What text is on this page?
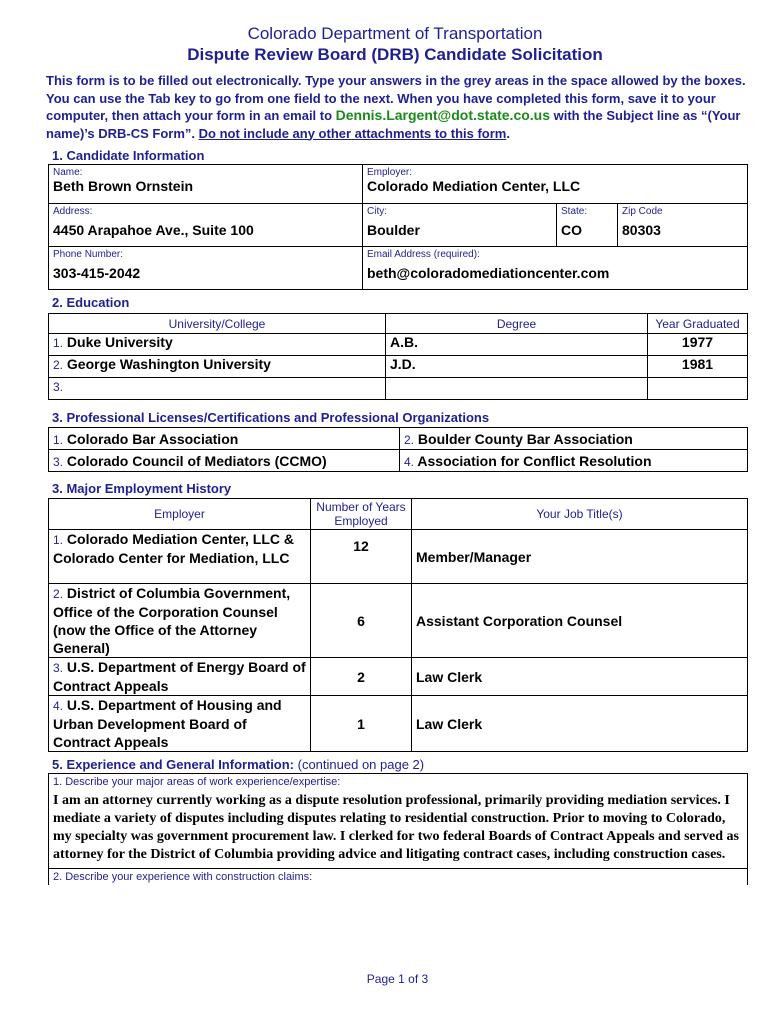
Colorado Department of Transportation
Dispute Review Board (DRB) Candidate Solicitation
This form is to be filled out electronically. Type your answers in the grey areas in the space allowed by the boxes. You can use the Tab key to go from one field to the next. When you have completed this form, save it to your computer, then attach your form in an email to Dennis.Largent@dot.state.co.us with the Subject line as “(Your name)’s DRB-CS Form”. Do not include any other attachments to this form.
1. Candidate Information
Name:
Beth Brown Ornstein	Employer:
Colorado Mediation Center, LLC		

Address:
4450 Arapahoe Ave., Suite 100	City:
Boulder	State:
CO	Zip Code
80303

Phone Number:
303-415-2042	Email Address (required):
beth@coloradomediationcenter.com		
2. Education
University/College	Degree	Year Graduated
1. Duke University	A.B.	1977
2. George Washington University	J.D.	1981
3.		
3. Professional Licenses/Certifications and Professional Organizations
1. Colorado Bar Association	2. Boulder County Bar Association
3. Colorado Council of Mediators (CCMO)	4. Association for Conflict Resolution
3. Major Employment History
Employer	Number of Years Employed	Your Job Title(s)
1. Colorado Mediation Center, LLC & Colorado Center for Mediation, LLC	12	Member/Manager
2. District of Columbia Government, Office of the Corporation Counsel (now the Office of the Attorney General)	6	Assistant Corporation Counsel
3. U.S. Department of Energy Board of Contract Appeals	2	Law Clerk
4. U.S. Department of Housing and Urban Development Board of Contract Appeals	1	Law Clerk
5. Experience and General Information: (continued on page 2)
1. Describe your major areas of work experience/expertise:
I am an attorney currently working as a dispute resolution professional, primarily providing mediation services. I mediate a variety of disputes including disputes relating to residential construction. Prior to moving to Colorado, my specialty was government procurement law. I clerked for two federal Boards of Contract Appeals and served as attorney for the District of Columbia providing advice and litigating contract cases, including construction cases.

2. Describe your experience with construction claims:
Page 1 of 3
